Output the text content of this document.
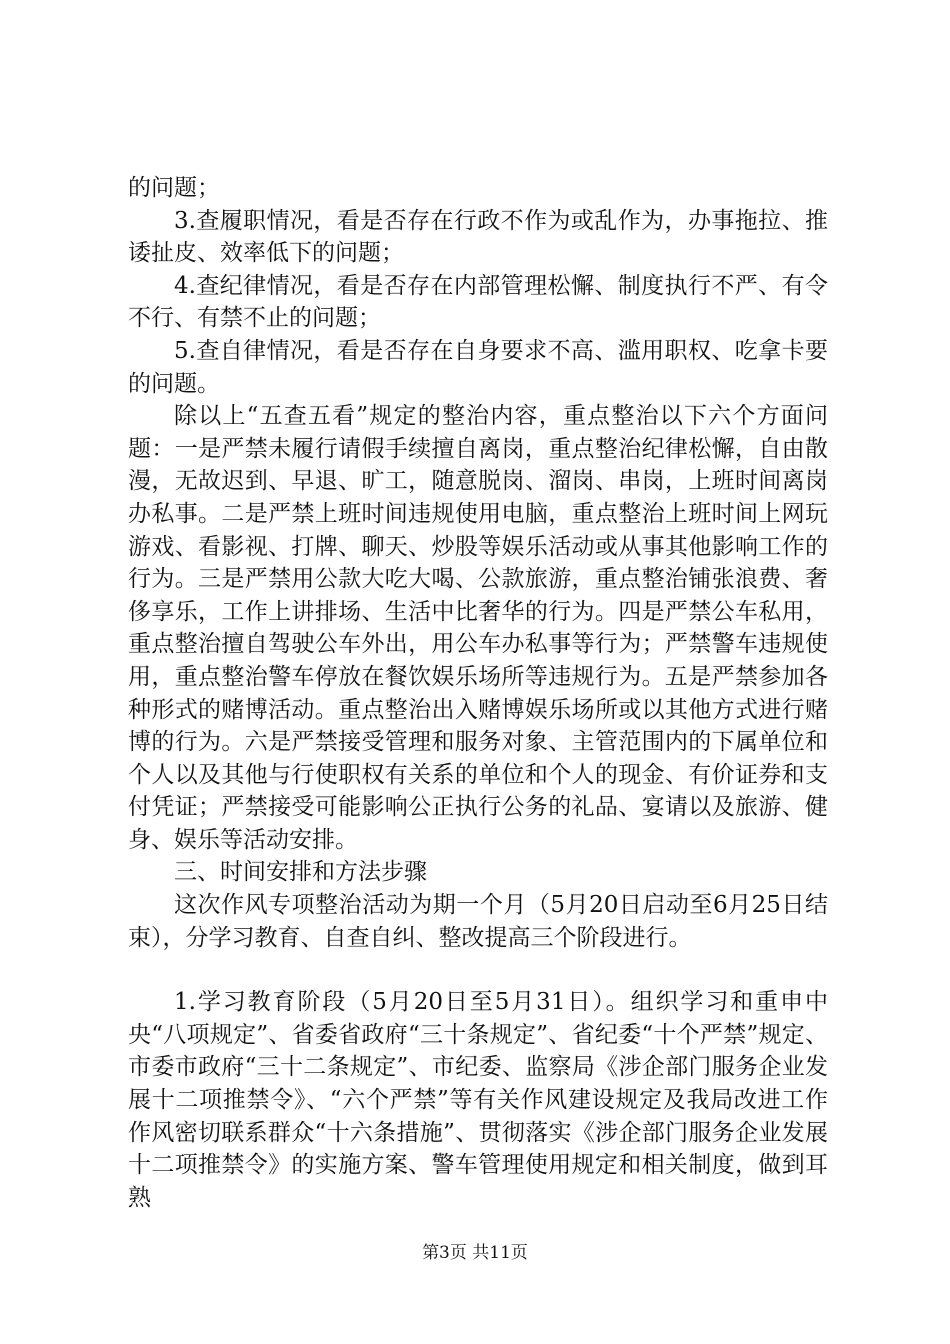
的问题；

3.查履职情况，看是否存在行政不作为或乱作为，办事拖拉、推诿扯皮、效率低下的问题；

4.查纪律情况，看是否存在内部管理松懈、制度执行不严、有令不行、有禁不止的问题；

5.查自律情况，看是否存在自身要求不高、滥用职权、吃拿卡要的问题。

除以上“五查五看”规定的整治内容，重点整治以下六个方面问题：一是严禁未履行请假手续擅自离岗，重点整治纪律松懈，自由散漫，无故迟到、早退、旷工，随意脱岗、溜岗、串岗，上班时间离岗办私事。二是严禁上班时间违规使用电脑，重点整治上班时间上网玩游戏、看影视、打牌、聊天、炒股等娱乐活动或从事其他影响工作的行为。三是严禁用公款大吃大喝、公款旅游，重点整治铺张浪费、奢侈享乐，工作上讲排场、生活中比奢华的行为。四是严禁公车私用，重点整治擅自驾驶公车外出，用公车办私事等行为；严禁警车违规使用，重点整治警车停放在餐饮娱乐场所等违规行为。五是严禁参加各种形式的赌博活动。重点整治出入赌博娱乐场所或以其他方式进行赌博的行为。六是严禁接受管理和服务对象、主管范围内的下属单位和个人以及其他与行使职权有关系的单位和个人的现金、有价证券和支付凭证；严禁接受可能影响公正执行公务的礼品、宴请以及旅游、健身、娱乐等活动安排。

三、时间安排和方法步骤

这次作风专项整治活动为期一个月（5月20日启动至6月25日结束），分学习教育、自查自纠、整改提高三个阶段进行。

1.学习教育阶段（5月20日至5月31日）。组织学习和重申中央“八项规定”、省委省政府“三十条规定”、省纪委“十个严禁”规定、市委市政府“三十二条规定”、市纪委、监察局《涉企部门服务企业发展十二项推禁令》、“六个严禁”等有关作风建设规定及我局改进工作作风密切联系群众“十六条措施”、贯彻落实《涉企部门服务企业发展十二项推禁令》的实施方案、警车管理使用规定和相关制度，做到耳熟

第3页 共11页
